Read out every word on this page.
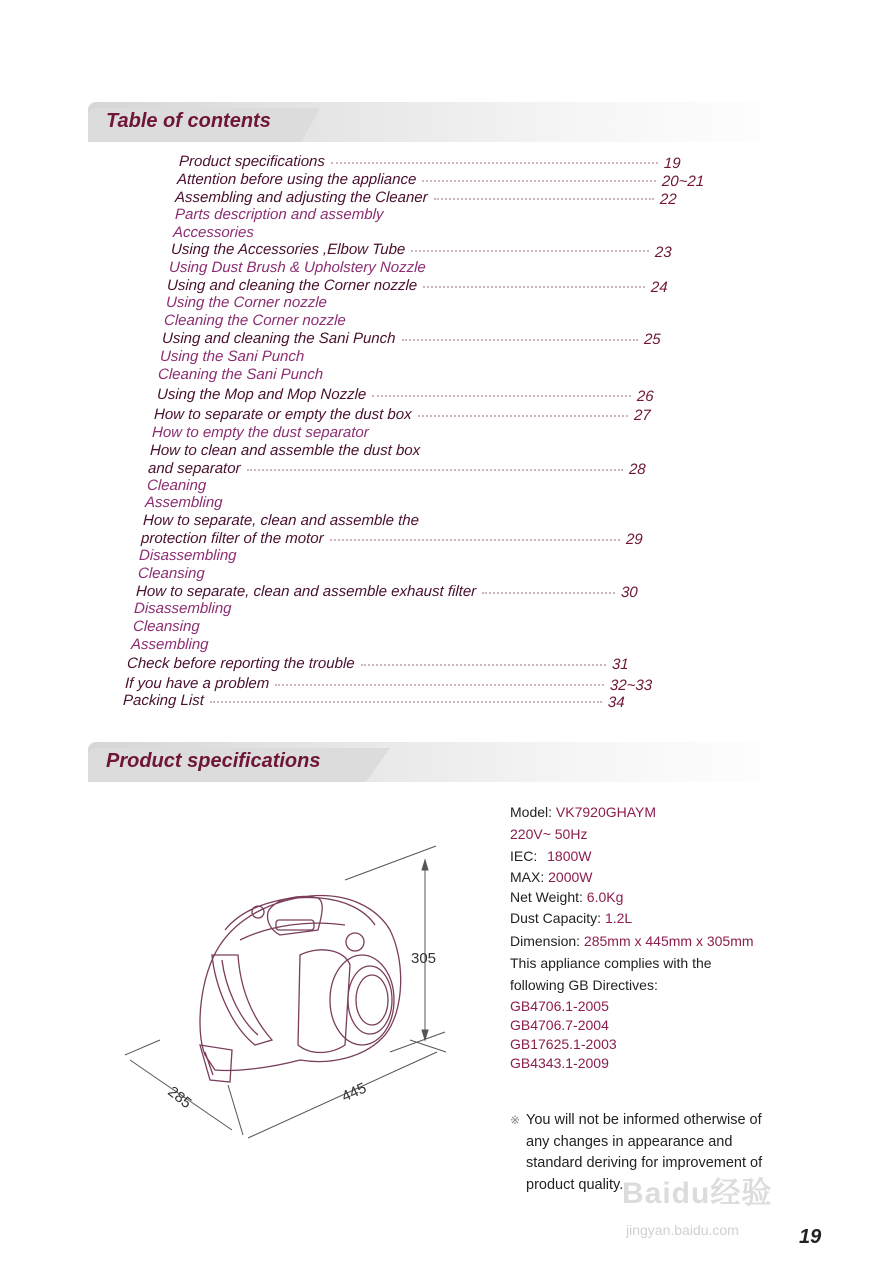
Table of contents
Product specifications	19
Attention before using the appliance	20~21
Assembling and adjusting the Cleaner	22
Parts description and assembly
Accessories
Using the Accessories ,Elbow Tube	23
Using Dust Brush & Upholstery Nozzle
Using and cleaning the Corner nozzle	24
Using the Corner nozzle
Cleaning the Corner nozzle
Using and cleaning the Sani Punch	25
Using the Sani Punch
Cleaning the Sani Punch
Using the Mop and Mop Nozzle	26
How to separate or empty the dust box	27
How to empty the dust separator
How to clean and assemble the dust box
and separator	28
Cleaning
Assembling
How to separate, clean and assemble the
protection filter of the motor	29
Disassembling
Cleansing
How to separate, clean and assemble exhaust filter	30
Disassembling
Cleansing
Assembling
Check before reporting the trouble	31
If you have a problem	32~33
Packing List	34
Product specifications
305
445
285
Model: VK7920GHAYM
220V~ 50Hz
IEC: 1800W
MAX: 2000W
Net Weight: 6.0Kg
Dust Capacity: 1.2L
Dimension: 285mm x 445mm x 305mm
This appliance complies with the
following GB Directives:
GB4706.1-2005
GB4706.7-2004
GB17625.1-2003
GB4343.1-2009
※ You will not be informed otherwise of any changes in appearance and standard deriving for improvement of product quality.
Baidu经验
jingyan.baidu.com	19
